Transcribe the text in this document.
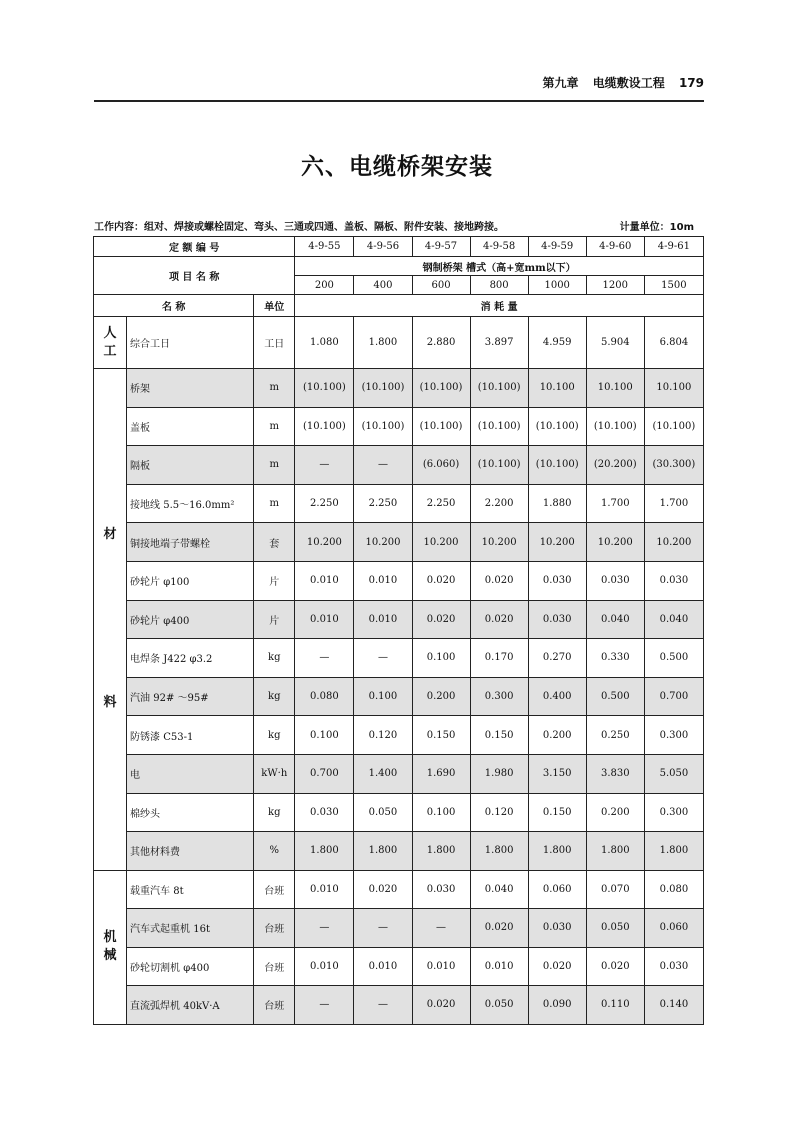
第九章 电缆敷设工程 179
六、电缆桥架安装
工作内容：组对、焊接或螺栓固定、弯头、三通或四通、盖板、隔板、附件安装、接地跨接。	计量单位：10m
定 额 编 号			4-9-55	4-9-56	4-9-57	4-9-58	4-9-59	4-9-60	4-9-61
项 目 名 称			钢制桥架 槽式（高+宽mm以下）						
			200	400	600	800	1000	1200	1500
名 称		单位	消 耗 量						

人
工	综合工日	工日	1.080	1.800	2.880	3.897	4.959	5.904	6.804

材
料	桥架	m	(10.100)	(10.100)	(10.100)	(10.100)	10.100	10.100	10.100
	盖板	m	(10.100)	(10.100)	(10.100)	(10.100)	(10.100)	(10.100)	(10.100)
	隔板	m	—	—	(6.060)	(10.100)	(10.100)	(20.200)	(30.300)
	接地线 5.5～16.0mm²	m	2.250	2.250	2.250	2.200	1.880	1.700	1.700
	铜接地端子带螺栓	套	10.200	10.200	10.200	10.200	10.200	10.200	10.200
	砂轮片 φ100	片	0.010	0.010	0.020	0.020	0.030	0.030	0.030
	砂轮片 φ400	片	0.010	0.010	0.020	0.020	0.030	0.040	0.040
	电焊条 J422 φ3.2	kg	—	—	0.100	0.170	0.270	0.330	0.500
	汽油 92# ～95#	kg	0.080	0.100	0.200	0.300	0.400	0.500	0.700
	防锈漆 C53-1	kg	0.100	0.120	0.150	0.150	0.200	0.250	0.300
	电	kW·h	0.700	1.400	1.690	1.980	3.150	3.830	5.050
	棉纱头	kg	0.030	0.050	0.100	0.120	0.150	0.200	0.300
	其他材料费	%	1.800	1.800	1.800	1.800	1.800	1.800	1.800

机
械	载重汽车 8t	台班	0.010	0.020	0.030	0.040	0.060	0.070	0.080
	汽车式起重机 16t	台班	—	—	—	0.020	0.030	0.050	0.060
	砂轮切割机 φ400	台班	0.010	0.010	0.010	0.010	0.020	0.020	0.030
	直流弧焊机 40kV·A	台班	—	—	0.020	0.050	0.090	0.110	0.140
